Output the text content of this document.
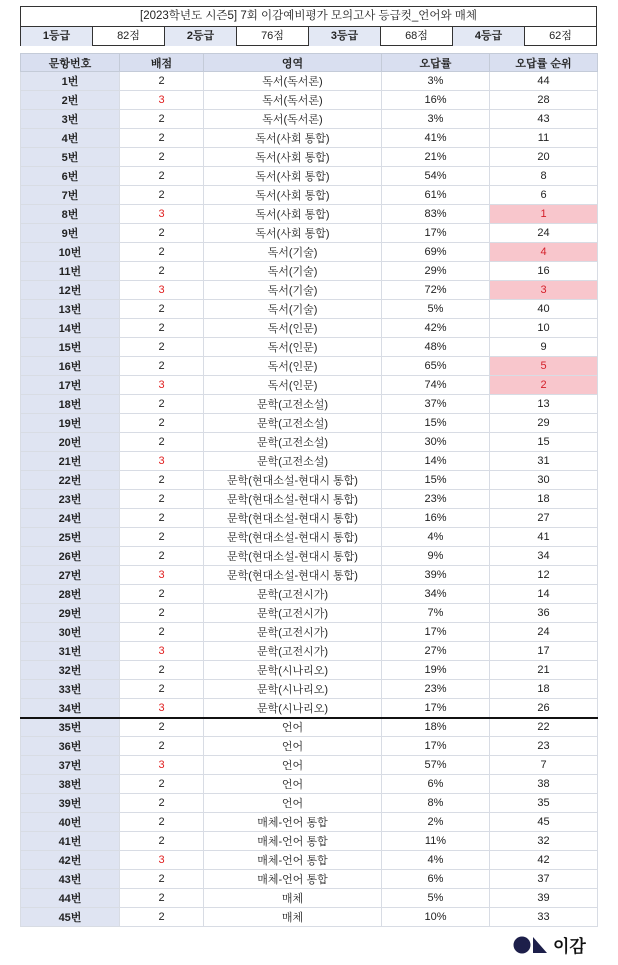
[2023학년도 시즌5] 7회 이감예비평가 모의고사 등급컷_언어와 매체
1등급	82점	2등급	76점	3등급	68점	4등급	62점
문항번호	배점	영역	오답률	오답률 순위
1번	2	독서(독서론)	3%	44
2번	3	독서(독서론)	16%	28
3번	2	독서(독서론)	3%	43
4번	2	독서(사회 통합)	41%	11
5번	2	독서(사회 통합)	21%	20
6번	2	독서(사회 통합)	54%	8
7번	2	독서(사회 통합)	61%	6
8번	3	독서(사회 통합)	83%	1
9번	2	독서(사회 통합)	17%	24
10번	2	독서(기술)	69%	4
11번	2	독서(기술)	29%	16
12번	3	독서(기술)	72%	3
13번	2	독서(기술)	5%	40
14번	2	독서(인문)	42%	10
15번	2	독서(인문)	48%	9
16번	2	독서(인문)	65%	5
17번	3	독서(인문)	74%	2
18번	2	문학(고전소설)	37%	13
19번	2	문학(고전소설)	15%	29
20번	2	문학(고전소설)	30%	15
21번	3	문학(고전소설)	14%	31
22번	2	문학(현대소설-현대시 통합)	15%	30
23번	2	문학(현대소설-현대시 통합)	23%	18
24번	2	문학(현대소설-현대시 통합)	16%	27
25번	2	문학(현대소설-현대시 통합)	4%	41
26번	2	문학(현대소설-현대시 통합)	9%	34
27번	3	문학(현대소설-현대시 통합)	39%	12
28번	2	문학(고전시가)	34%	14
29번	2	문학(고전시가)	7%	36
30번	2	문학(고전시가)	17%	24
31번	3	문학(고전시가)	27%	17
32번	2	문학(시나리오)	19%	21
33번	2	문학(시나리오)	23%	18
34번	3	문학(시나리오)	17%	26
35번	2	언어	18%	22
36번	2	언어	17%	23
37번	3	언어	57%	7
38번	2	언어	6%	38
39번	2	언어	8%	35
40번	2	매체-언어 통합	2%	45
41번	2	매체-언어 통합	11%	32
42번	3	매체-언어 통합	4%	42
43번	2	매체-언어 통합	6%	37
44번	2	매체	5%	39
45번	2	매체	10%	33
이감
